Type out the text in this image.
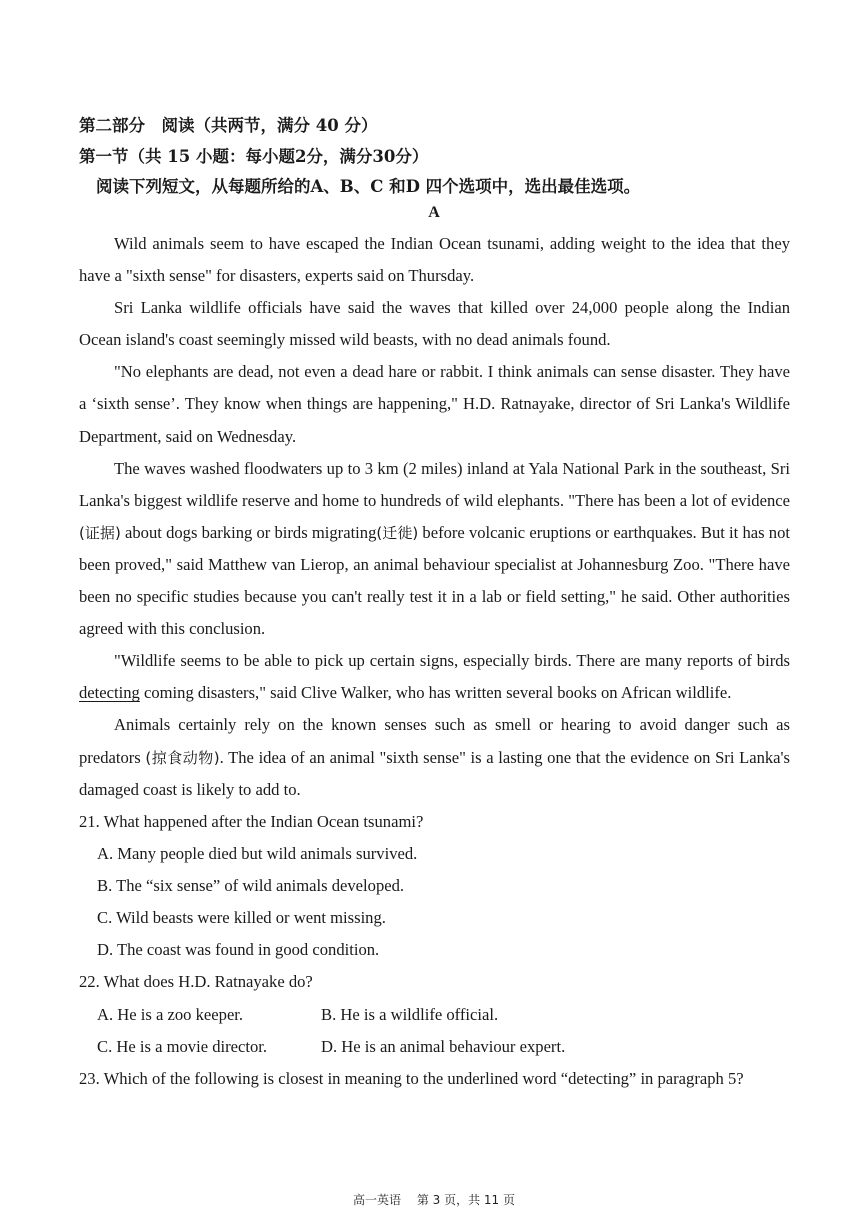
第二部分　阅读（共两节，满分 40 分）
第一节（共 15 小题：每小题2分，满分30分）
阅读下列短文，从每题所给的A、B、C 和D 四个选项中，选出最佳选项。
A

Wild animals seem to have escaped the Indian Ocean tsunami, adding weight to the idea that they have a "sixth sense" for disasters, experts said on Thursday.

Sri Lanka wildlife officials have said the waves that killed over 24,000 people along the Indian Ocean island's coast seemingly missed wild beasts, with no dead animals found.

"No elephants are dead, not even a dead hare or rabbit. I think animals can sense disaster. They have a ‘sixth sense’. They know when things are happening," H.D. Ratnayake, director of Sri Lanka's Wildlife Department, said on Wednesday.

The waves washed floodwaters up to 3 km (2 miles) inland at Yala National Park in the southeast, Sri Lanka's biggest wildlife reserve and home to hundreds of wild elephants. "There has been a lot of evidence (证据) about dogs barking or birds migrating(迁徙) before volcanic eruptions or earthquakes. But it has not been proved," said Matthew van Lierop, an animal behaviour specialist at Johannesburg Zoo. "There have been no specific studies because you can't really test it in a lab or field setting," he said. Other authorities agreed with this conclusion.

"Wildlife seems to be able to pick up certain signs, especially birds. There are many reports of birds detecting coming disasters," said Clive Walker, who has written several books on African wildlife.

Animals certainly rely on the known senses such as smell or hearing to avoid danger such as predators (掠食动物). The idea of an animal "sixth sense" is a lasting one that the evidence on Sri Lanka's damaged coast is likely to add to.

21. What happened after the Indian Ocean tsunami?
A. Many people died but wild animals survived.
B. The “six sense” of wild animals developed.
C. Wild beasts were killed or went missing.
D. The coast was found in good condition.
22. What does H.D. Ratnayake do?
A. He is a zoo keeper.	B. He is a wildlife official.
C. He is a movie director.	D. He is an animal behaviour expert.
23. Which of the following is closest in meaning to the underlined word “detecting” in paragraph 5?
高一英语　 第 3 页，共 11 页
